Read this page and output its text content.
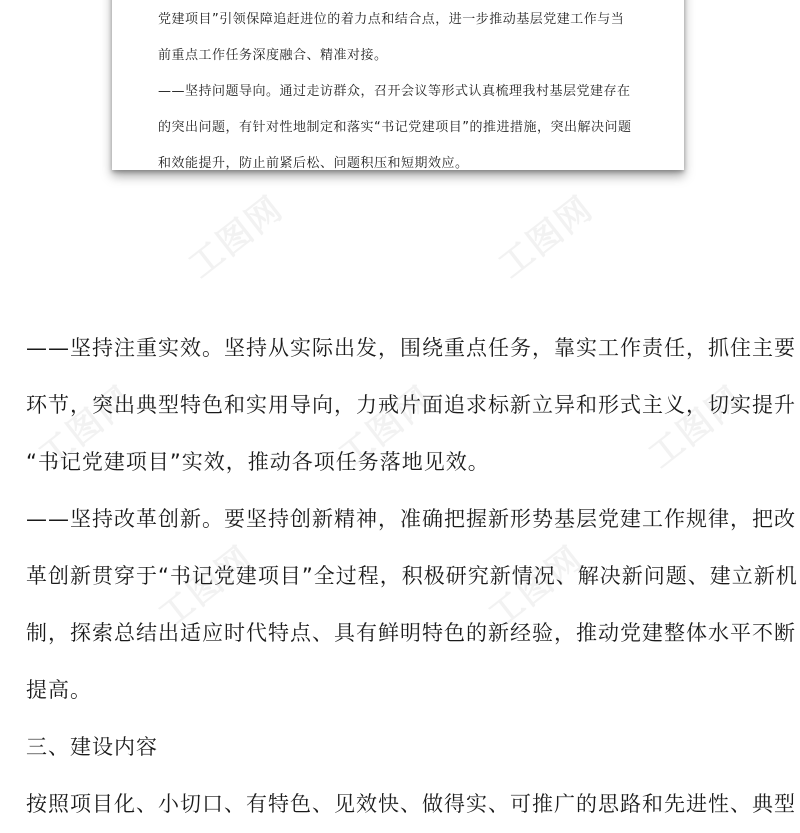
工图网	工图网
工图网	工图网	工图网
工图网	工图网
党建项目”引领保障追赶进位的着力点和结合点，进一步推动基层党建工作与当
前重点工作任务深度融合、精准对接。
——坚持问题导向。通过走访群众，召开会议等形式认真梳理我村基层党建存在
的突出问题，有针对性地制定和落实“书记党建项目”的推进措施，突出解决问题
和效能提升，防止前紧后松、问题积压和短期效应。
——坚持注重实效。坚持从实际出发，围绕重点任务，靠实工作责任，抓住主要
环节，突出典型特色和实用导向，力戒片面追求标新立异和形式主义，切实提升
“书记党建项目”实效，推动各项任务落地见效。
——坚持改革创新。要坚持创新精神，准确把握新形势基层党建工作规律，把改
革创新贯穿于“书记党建项目”全过程，积极研究新情况、解决新问题、建立新机
制，探索总结出适应时代特点、具有鲜明特色的新经验，推动党建整体水平不断
提高。
三、建设内容
按照项目化、小切口、有特色、见效快、做得实、可推广的思路和先进性、典型
